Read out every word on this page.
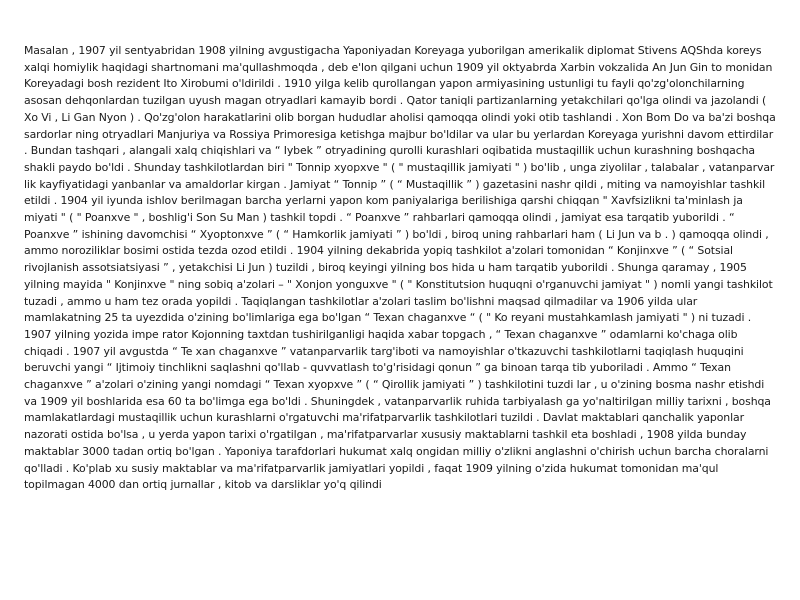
Masalan , 1907 yil sentyabridan 1908 yilning avgustigacha Yaponiyadan Koreyaga yuborilgan amerikalik diplomat Stivens AQShda koreys xalqi homiylik haqidagi shartnomani ma'qullashmoqda , deb e'lon qilgani uchun 1909 yil oktyabrda Xarbin vokzalida An Jun Gin to monidan Koreyadagi bosh rezident Ito Xirobumi o'ldirildi . 1910 yilga kelib qurollangan yapon armiyasining ustunligi tu fayli qo'zg'olonchilarning asosan dehqonlardan tuzilgan uyush magan otryadlari kamayib bordi . Qator taniqli partizanlarning yetakchilari qo'lga olindi va jazolandi ( Xo Vi , Li Gan Nyon ) . Qo'zg'olon harakatlarini olib borgan hududlar aholisi qamoqqa olindi yoki otib tashlandi . Xon Bom Do va ba'zi boshqa sardorlar ning otryadlari Manjuriya va Rossiya Primoresiga ketishga majbur bo'ldilar va ular bu yerlardan Koreyaga yurishni davom ettirdilar . Bundan tashqari , alangali xalq chiqishlari va “ Iybek ” otryadining qurolli kurashlari oqibatida mustaqillik uchun kurashning boshqacha shakli paydo bo'ldi . Shunday tashkilotlardan biri " Tonnip xyopxve " ( " mustaqillik jamiyati " ) bo'lib , unga ziyolilar , talabalar , vatanparvar lik kayfiyatidagi yanbanlar va amaldorlar kirgan . Jamiyat “ Tonnip ” ( “ Mustaqillik ” ) gazetasini nashr qildi , miting va namoyishlar tashkil etildi . 1904 yil iyunda ishlov berilmagan barcha yerlarni yapon kom paniyalariga berilishiga qarshi chiqqan " Xavfsizlikni ta'minlash ja miyati " ( " Poanxve " , boshlig'i Son Su Man ) tashkil topdi . “ Poanxve ” rahbarlari qamoqqa olindi , jamiyat esa tarqatib yuborildi . “ Poanxve ” ishining davomchisi “ Xyoptonxve ” ( “ Hamkorlik jamiyati ” ) bo'ldi , biroq uning rahbarlari ham ( Li Jun va b . ) qamoqqa olindi , ammo noroziliklar bosimi ostida tezda ozod etildi . 1904 yilning dekabrida yopiq tashkilot a'zolari tomonidan “ Konjinxve ” ( “ Sotsial rivojlanish assotsiatsiyasi ” , yetakchisi Li Jun ) tuzildi , biroq keyingi yilning bos hida u ham tarqatib yuborildi . Shunga qaramay , 1905 yilning mayida " Konjinxve " ning sobiq a'zolari – " Xonjon yonguxve " ( " Konstitutsion huquqni o'rganuvchi jamiyat " ) nomli yangi tashkilot tuzadi , ammo u ham tez orada yopildi . Taqiqlangan tashkilotlar a'zolari taslim bo'lishni maqsad qilmadilar va 1906 yilda ular mamlakatning 25 ta uyezdida o'zining bo'limlariga ega bo'lgan “ Texan chaganxve “ ( " Ko reyani mustahkamlash jamiyati " ) ni tuzadi . 1907 yilning yozida impe rator Kojonning taxtdan tushirilganligi haqida xabar topgach , “ Texan chaganxve ” odamlarni ko'chaga olib chiqadi . 1907 yil avgustda “ Te xan chaganxve ” vatanparvarlik targ'iboti va namoyishlar o'tkazuvchi tashkilotlarni taqiqlash huquqini beruvchi yangi “ Ijtimoiy tinchlikni saqlashni qo'llab - quvvatlash to'g'risidagi qonun ” ga binoan tarqa tib yuboriladi . Ammo “ Texan chaganxve ” a'zolari o'zining yangi nomdagi “ Texan xyopxve ” ( “ Qirollik jamiyati ” ) tashkilotini tuzdi lar , u o'zining bosma nashr etishdi va 1909 yil boshlarida esa 60 ta bo'limga ega bo'ldi . Shuningdek , vatanparvarlik ruhida tarbiyalash ga yo'naltirilgan milliy tarixni , boshqa mamlakatlardagi mustaqillik uchun kurashlarni o'rgatuvchi ma'rifatparvarlik tashkilotlari tuzildi . Davlat maktablari qanchalik yaponlar nazorati ostida bo'lsa , u yerda yapon tarixi o'rgatilgan , ma'rifatparvarlar xususiy maktablarni tashkil eta boshladi , 1908 yilda bunday maktablar 3000 tadan ortiq bo'lgan . Yaponiya tarafdorlari hukumat xalq ongidan milliy o'zlikni anglashni o'chirish uchun barcha choralarni qo'lladi . Ko'plab xu susiy maktablar va ma'rifatparvarlik jamiyatlari yopildi , faqat 1909 yilning o'zida hukumat tomonidan ma'qul topilmagan 4000 dan ortiq jurnallar , kitob va darsliklar yo'q qilindi
